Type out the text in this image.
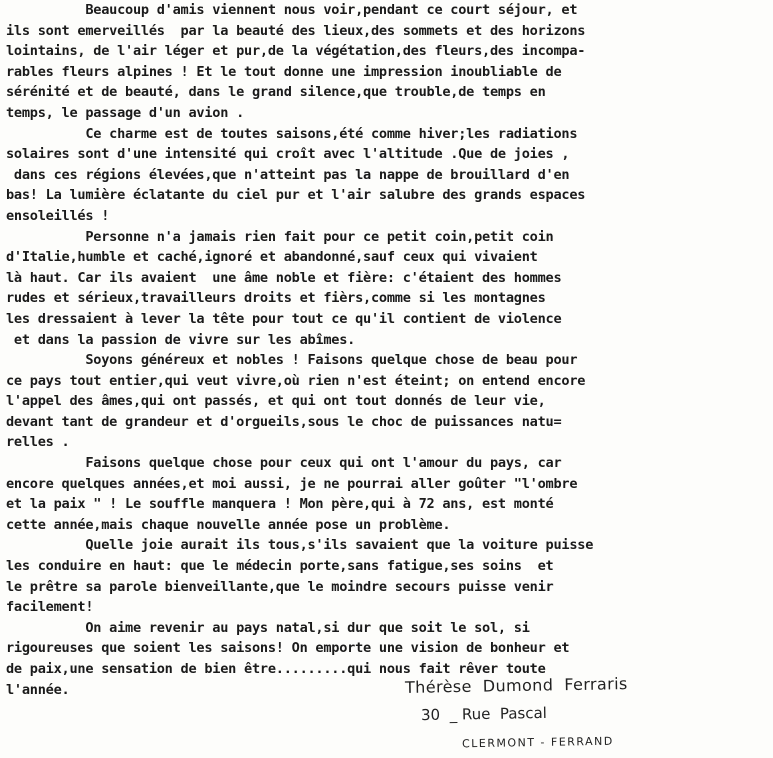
Beaucoup d'amis viennent nous voir,pendant ce court séjour, et
ils sont emerveillés  par la beauté des lieux,des sommets et des horizons
lointains, de l'air léger et pur,de la végétation,des fleurs,des incompa-
rables fleurs alpines ! Et le tout donne une impression inoubliable de
sérénité et de beauté, dans le grand silence,que trouble,de temps en
temps, le passage d'un avion .
Ce charme est de toutes saisons,été comme hiver;les radiations
solaires sont d'une intensité qui croît avec l'altitude .Que de joies ,
dans ces régions élevées,que n'atteint pas la nappe de brouillard d'en
bas! La lumière éclatante du ciel pur et l'air salubre des grands espaces
ensoleillés !
Personne n'a jamais rien fait pour ce petit coin,petit coin
d'Italie,humble et caché,ignoré et abandonné,sauf ceux qui vivaient
là haut. Car ils avaient  une âme noble et fière: c'étaient des hommes
rudes et sérieux,travailleurs droits et fièrs,comme si les montagnes
les dressaient à lever la tête pour tout ce qu'il contient de violence
et dans la passion de vivre sur les abîmes.
Soyons généreux et nobles ! Faisons quelque chose de beau pour
ce pays tout entier,qui veut vivre,où rien n'est éteint; on entend encore
l'appel des âmes,qui ont passés, et qui ont tout donnés de leur vie,
devant tant de grandeur et d'orgueils,sous le choc de puissances natu=
relles .
Faisons quelque chose pour ceux qui ont l'amour du pays, car
encore quelques années,et moi aussi, je ne pourrai aller goûter "l'ombre
et la paix " ! Le souffle manquera ! Mon père,qui à 72 ans, est monté
cette année,mais chaque nouvelle année pose un problème.
Quelle joie aurait ils tous,s'ils savaient que la voiture puisse
les conduire en haut: que le médecin porte,sans fatigue,ses soins  et
le prêtre sa parole bienveillante,que le moindre secours puisse venir
facilement!
On aime revenir au pays natal,si dur que soit le sol, si
rigoureuses que soient les saisons! On emporte une vision de bonheur et
de paix,une sensation de bien être.........qui nous fait rêver toute
l'année.	Thérèse  Dumond  Ferraris
30  _ Rue  Pascal
CLERMONT - FERRAND
